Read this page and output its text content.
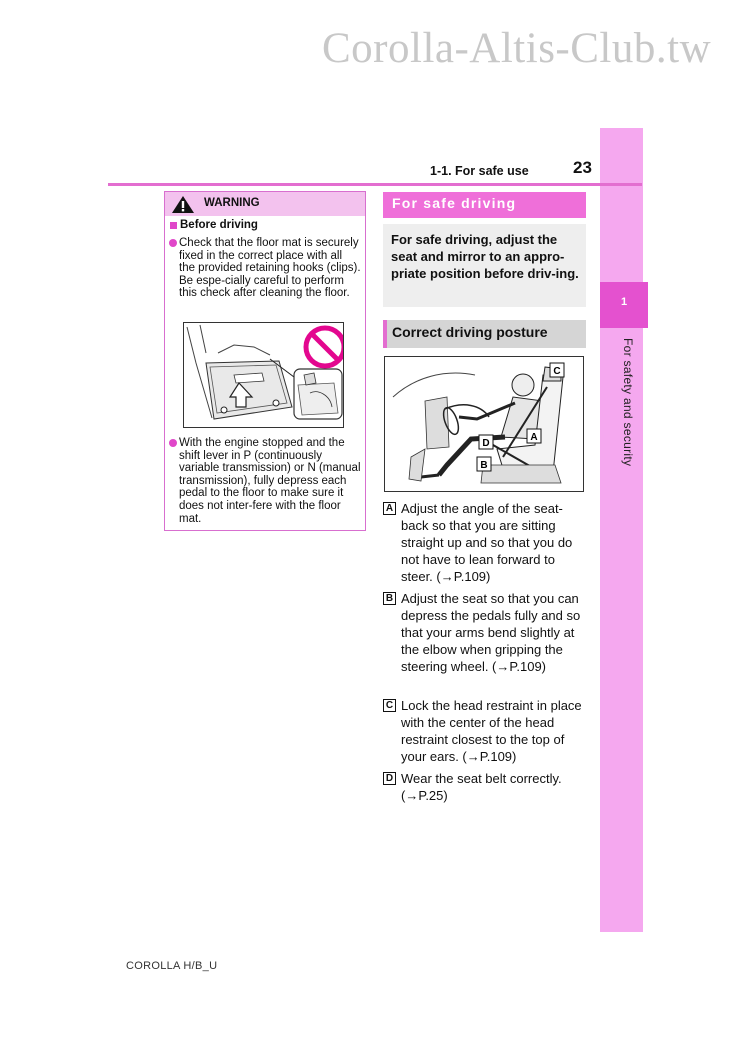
Corolla-Altis-Club.tw
1
For safety and security
1-1. For safe use	23
WARNING
Before driving
Check that the floor mat is securely fixed in the correct place with all the provided retaining hooks (clips). Be espe-cially careful to perform this check after cleaning the floor.
With the engine stopped and the shift lever in P (continuously variable transmission) or N (manual transmission), fully depress each pedal to the floor to make sure it does not inter-fere with the floor mat.
For safe driving
For safe driving, adjust the seat and mirror to an appro-priate position before driv-ing.
Correct driving posture
C
A
D
B
A Adjust the angle of the seat-back so that you are sitting straight up and so that you do not have to lean forward to steer. (→P.109)
B Adjust the seat so that you can depress the pedals fully and so that your arms bend slightly at the elbow when gripping the steering wheel. (→P.109)
C Lock the head restraint in place with the center of the head restraint closest to the top of your ears. (→P.109)
D Wear the seat belt correctly. (→P.25)
COROLLA H/B_U
